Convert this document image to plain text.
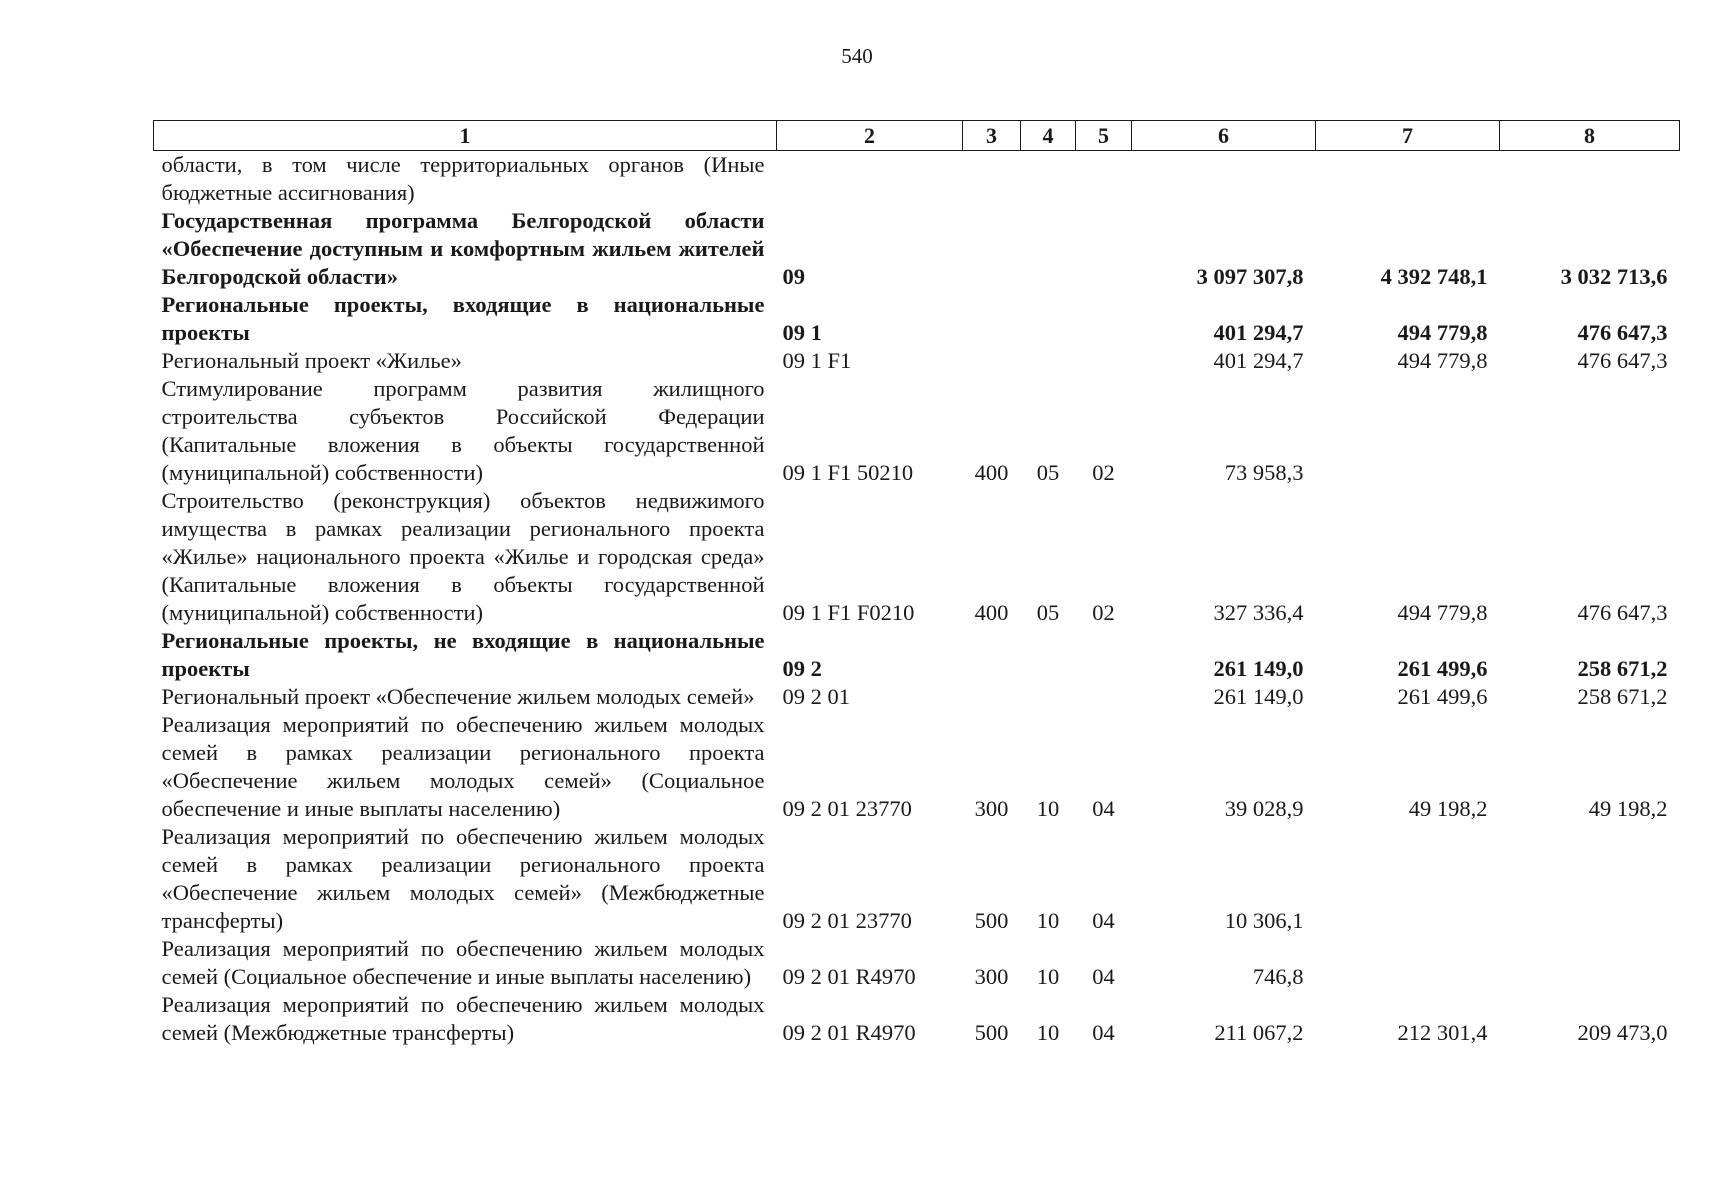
540
1	2	3	4	5	6	7	8
области, в том числе территориальных органов (Иные бюджетные ассигнования)							
Государственная программа Белгородской области «Обеспечение доступным и комфортным жильем жителей Белгородской области»	09				3 097 307,8	4 392 748,1	3 032 713,6
Региональные проекты, входящие в национальные проекты	09 1				401 294,7	494 779,8	476 647,3
Региональный проект «Жилье»	09 1 F1				401 294,7	494 779,8	476 647,3
Стимулирование программ развития жилищного строительства субъектов Российской Федерации (Капитальные вложения в объекты государственной (муниципальной) собственности)	09 1 F1 50210	400	05	02	73 958,3		
Строительство (реконструкция) объектов недвижимого имущества в рамках реализации регионального проекта «Жилье» национального проекта «Жилье и городская среда» (Капитальные вложения в объекты государственной (муниципальной) собственности)	09 1 F1 F0210	400	05	02	327 336,4	494 779,8	476 647,3
Региональные проекты, не входящие в национальные проекты	09 2				261 149,0	261 499,6	258 671,2
Региональный проект «Обеспечение жильем молодых семей»	09 2 01				261 149,0	261 499,6	258 671,2
Реализация мероприятий по обеспечению жильем молодых семей в рамках реализации регионального проекта «Обеспечение жильем молодых семей» (Социальное обеспечение и иные выплаты населению)	09 2 01 23770	300	10	04	39 028,9	49 198,2	49 198,2
Реализация мероприятий по обеспечению жильем молодых семей в рамках реализации регионального проекта «Обеспечение жильем молодых семей» (Межбюджетные трансферты)	09 2 01 23770	500	10	04	10 306,1		
Реализация мероприятий по обеспечению жильем молодых семей (Социальное обеспечение и иные выплаты населению)	09 2 01 R4970	300	10	04	746,8		
Реализация мероприятий по обеспечению жильем молодых семей (Межбюджетные трансферты)	09 2 01 R4970	500	10	04	211 067,2	212 301,4	209 473,0
